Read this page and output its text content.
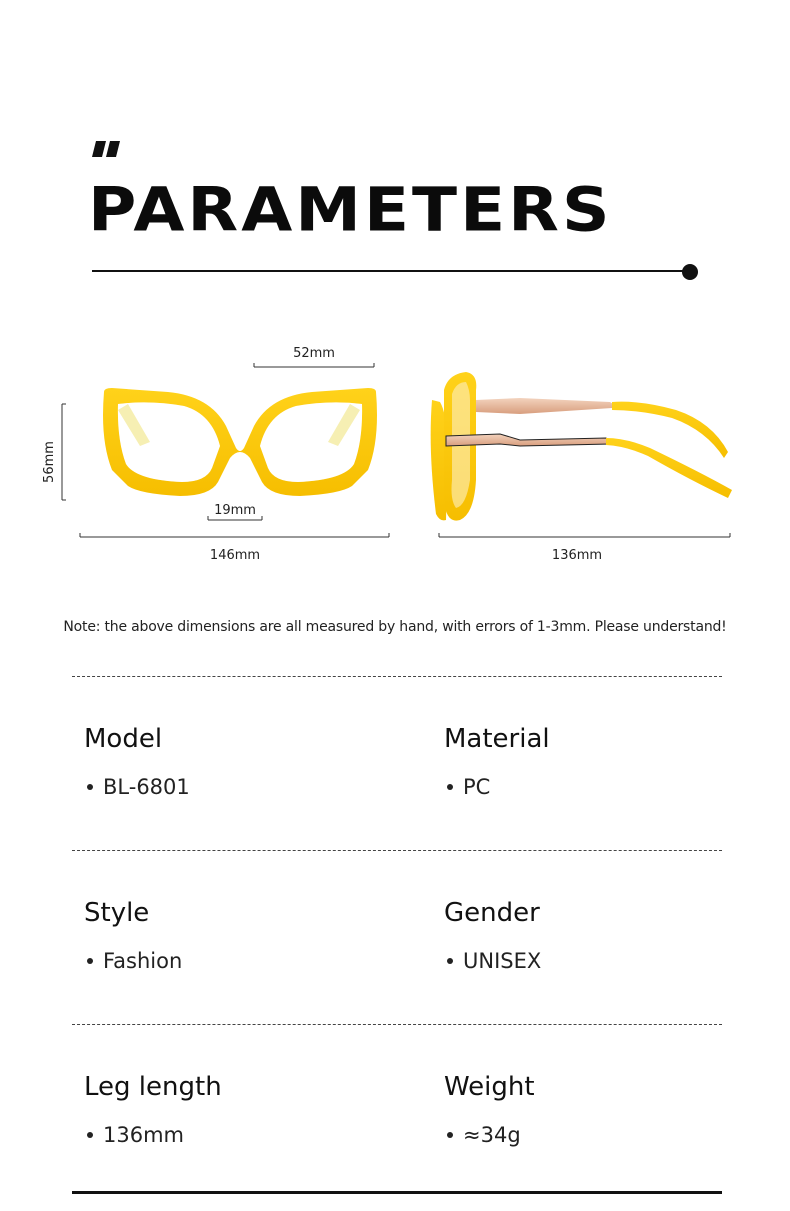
PARAMETERS
52mm
56mm
19mm
146mm	136mm
Note: the above dimensions are all measured by hand, with errors of 1-3mm. Please understand!
Model
BL-6801
Material
PC
Style
Fashion
Gender
UNISEX
Leg length
136mm
Weight
≈34g
